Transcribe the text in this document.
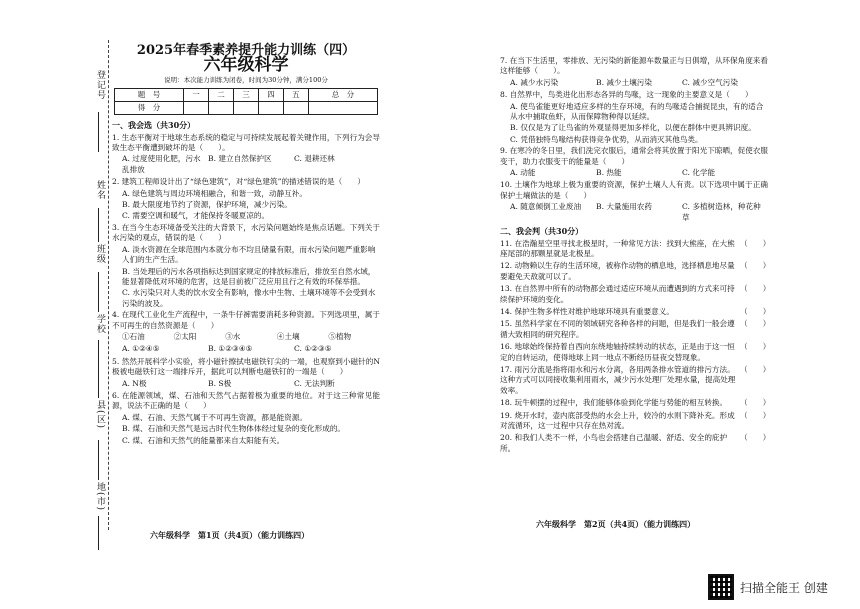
登记号
姓名
班级
学校
县(区)
地(市)
2025年春季素养提升能力训练（四）
六年级科学
说明：本次能力训练为闭卷，时间为30分钟，满分100分
题　号	一	二	三	四	五	总　分
得　分						
一、我会选（共30分）
1. 生态平衡对于地球生态系统的稳定与可持续发展起着关键作用，下列行为会导致生态平衡遭到破坏的是（　　）。
A. 过度使用化肥，污水乱排放
B. 建立自然保护区	C. 退耕还林
2. 建筑工程师设计出了“绿色建筑”，对“绿色建筑”的描述错误的是（　　）
A. 绿色建筑与周边环境相融合，和谐一致，动静互补。
B. 最大限度地节约了资源，保护环境，减少污染。
C. 需要空调和暖气，才能保持冬暖夏凉的。
3. 在当今生态环境备受关注的大背景下，水污染问题始终是焦点话题。下列关于水污染的观点，错误的是（　　）
A. 淡水资源在全球范围内本就分布不均且储量有限，而水污染问题严重影响人们的生产生活。
B. 当处理后的污水各项指标达到国家规定的排放标准后，排放至自然水域，能显著降低对环境的危害，这是目前被广泛应用且行之有效的环保举措。
C. 水污染只对人类的饮水安全有影响，像水中生物、土壤环境等不会受到水污染的波及。
4. 在现代工业化生产流程中，一条牛仔裤需要消耗多种资源。下列选项里，属于不可再生的自然资源是（　　）
①石油	②太阳	③水	④土壤	⑤植物
A. ①②④⑤	B. ①②③④⑤	C. ①②③⑤
5. 然然开展科学小实验，将小磁针擦拭电磁铁钉尖的一端，也观察到小磁针的N极被电磁铁钉这一端排斥开，据此可以判断电磁铁钉的一端是（　　）
A. N极	B. S极	C. 无法判断
6. 在能源领域，煤、石油和天然气占据着极为重要的地位。对于这三种常见能源，说法不正确的是（　　）
A. 煤、石油、天然气属于不可再生资源，都是能资源。
B. 煤、石油和天然气是远古时代生物体体经过复杂的变化形成的。
C. 煤、石油和天然气的能量都来自太阳能有关。
六年级科学　第1页（共4页）（能力训练四）
7. 在当下生活里，零排放、无污染的新能源车数量正与日俱增，从环保角度来看这样能够（　　）。
A. 减少水污染	B. 减少土壤污染	C. 减少空气污染
8. 自然界中，鸟类进化出形态各异的鸟喙，这一现象的主要意义是（　　）
A. 使鸟雀能更好地适应多样的生存环境，有的鸟喙适合捕捉昆虫，有的适合从水中捕取鱼虾，从而保障物种得以延续。
B. 仅仅是为了让鸟雀的外观显得更加多样化，以便在群体中更具辨识度。
C. 凭借独特鸟喙结构获得竞争优势，从而消灭其他鸟类。
9. 在寒冷的冬日里，我们洗完衣服后，通常会将其放置于阳光下晾晒，促使衣服变干，助力衣服变干的能量是（　　）
A. 动能	B. 热能	C. 化学能
10. 土壤作为地球上极为重要的资源，保护土壤人人有责。以下选项中属于正确保护土壤做法的是（　　）
A. 随意倾倒工业废油	B. 大量施用农药	C. 多植树造林，种花种草
二、我会判（共30分）
11. 在浩瀚星空里寻找北极星时，一种常见方法：找到大熊座，在大熊座尾部的那颗星就是北极星。
（　　）
12. 动物赖以生存的生活环境，被称作动物的栖息地，选择栖息地尽量要避免天敌就可以了。
（　　）
13. 在自然界中所有的动物都会通过适应环境从而遭遇到的方式来可持续保护环境的变化。
（　　）
14. 保护生物多样性对维护地球环境具有重要意义。	（　　）
15. 虽然科学家在不同的领域研究各种各样的问题，但是我们一般会遵循大致相同的研究程序。
（　　）
16. 地球始终保持着自西向东绕地轴持续转动的状态，正是由于这一恒定的自转运动，使得地球上同一地点不断经历昼夜交替现象。
（　　）
17. 雨污分流是指将雨水和污水分离，各用两条排水管道的排污方法。这种方式可以同接收集利用雨水，减少污水处理厂处理水量，提高处理效率。
（　　）
18. 玩牛顿摆的过程中，我们能够体验到化学能与势能的相互转换。	（　　）
19. 烧开水时，壶内底部受热的水会上升，较冷的水则下降补充。形成对流循环，这一过程中只存在热对流。
（　　）
20. 和我们人类不一样，小鸟也会搭建自己温暖、舒适、安全的庇护所。
（　　）
六年级科学　第2页（共4页）（能力训练四）
扫描全能王 创建
